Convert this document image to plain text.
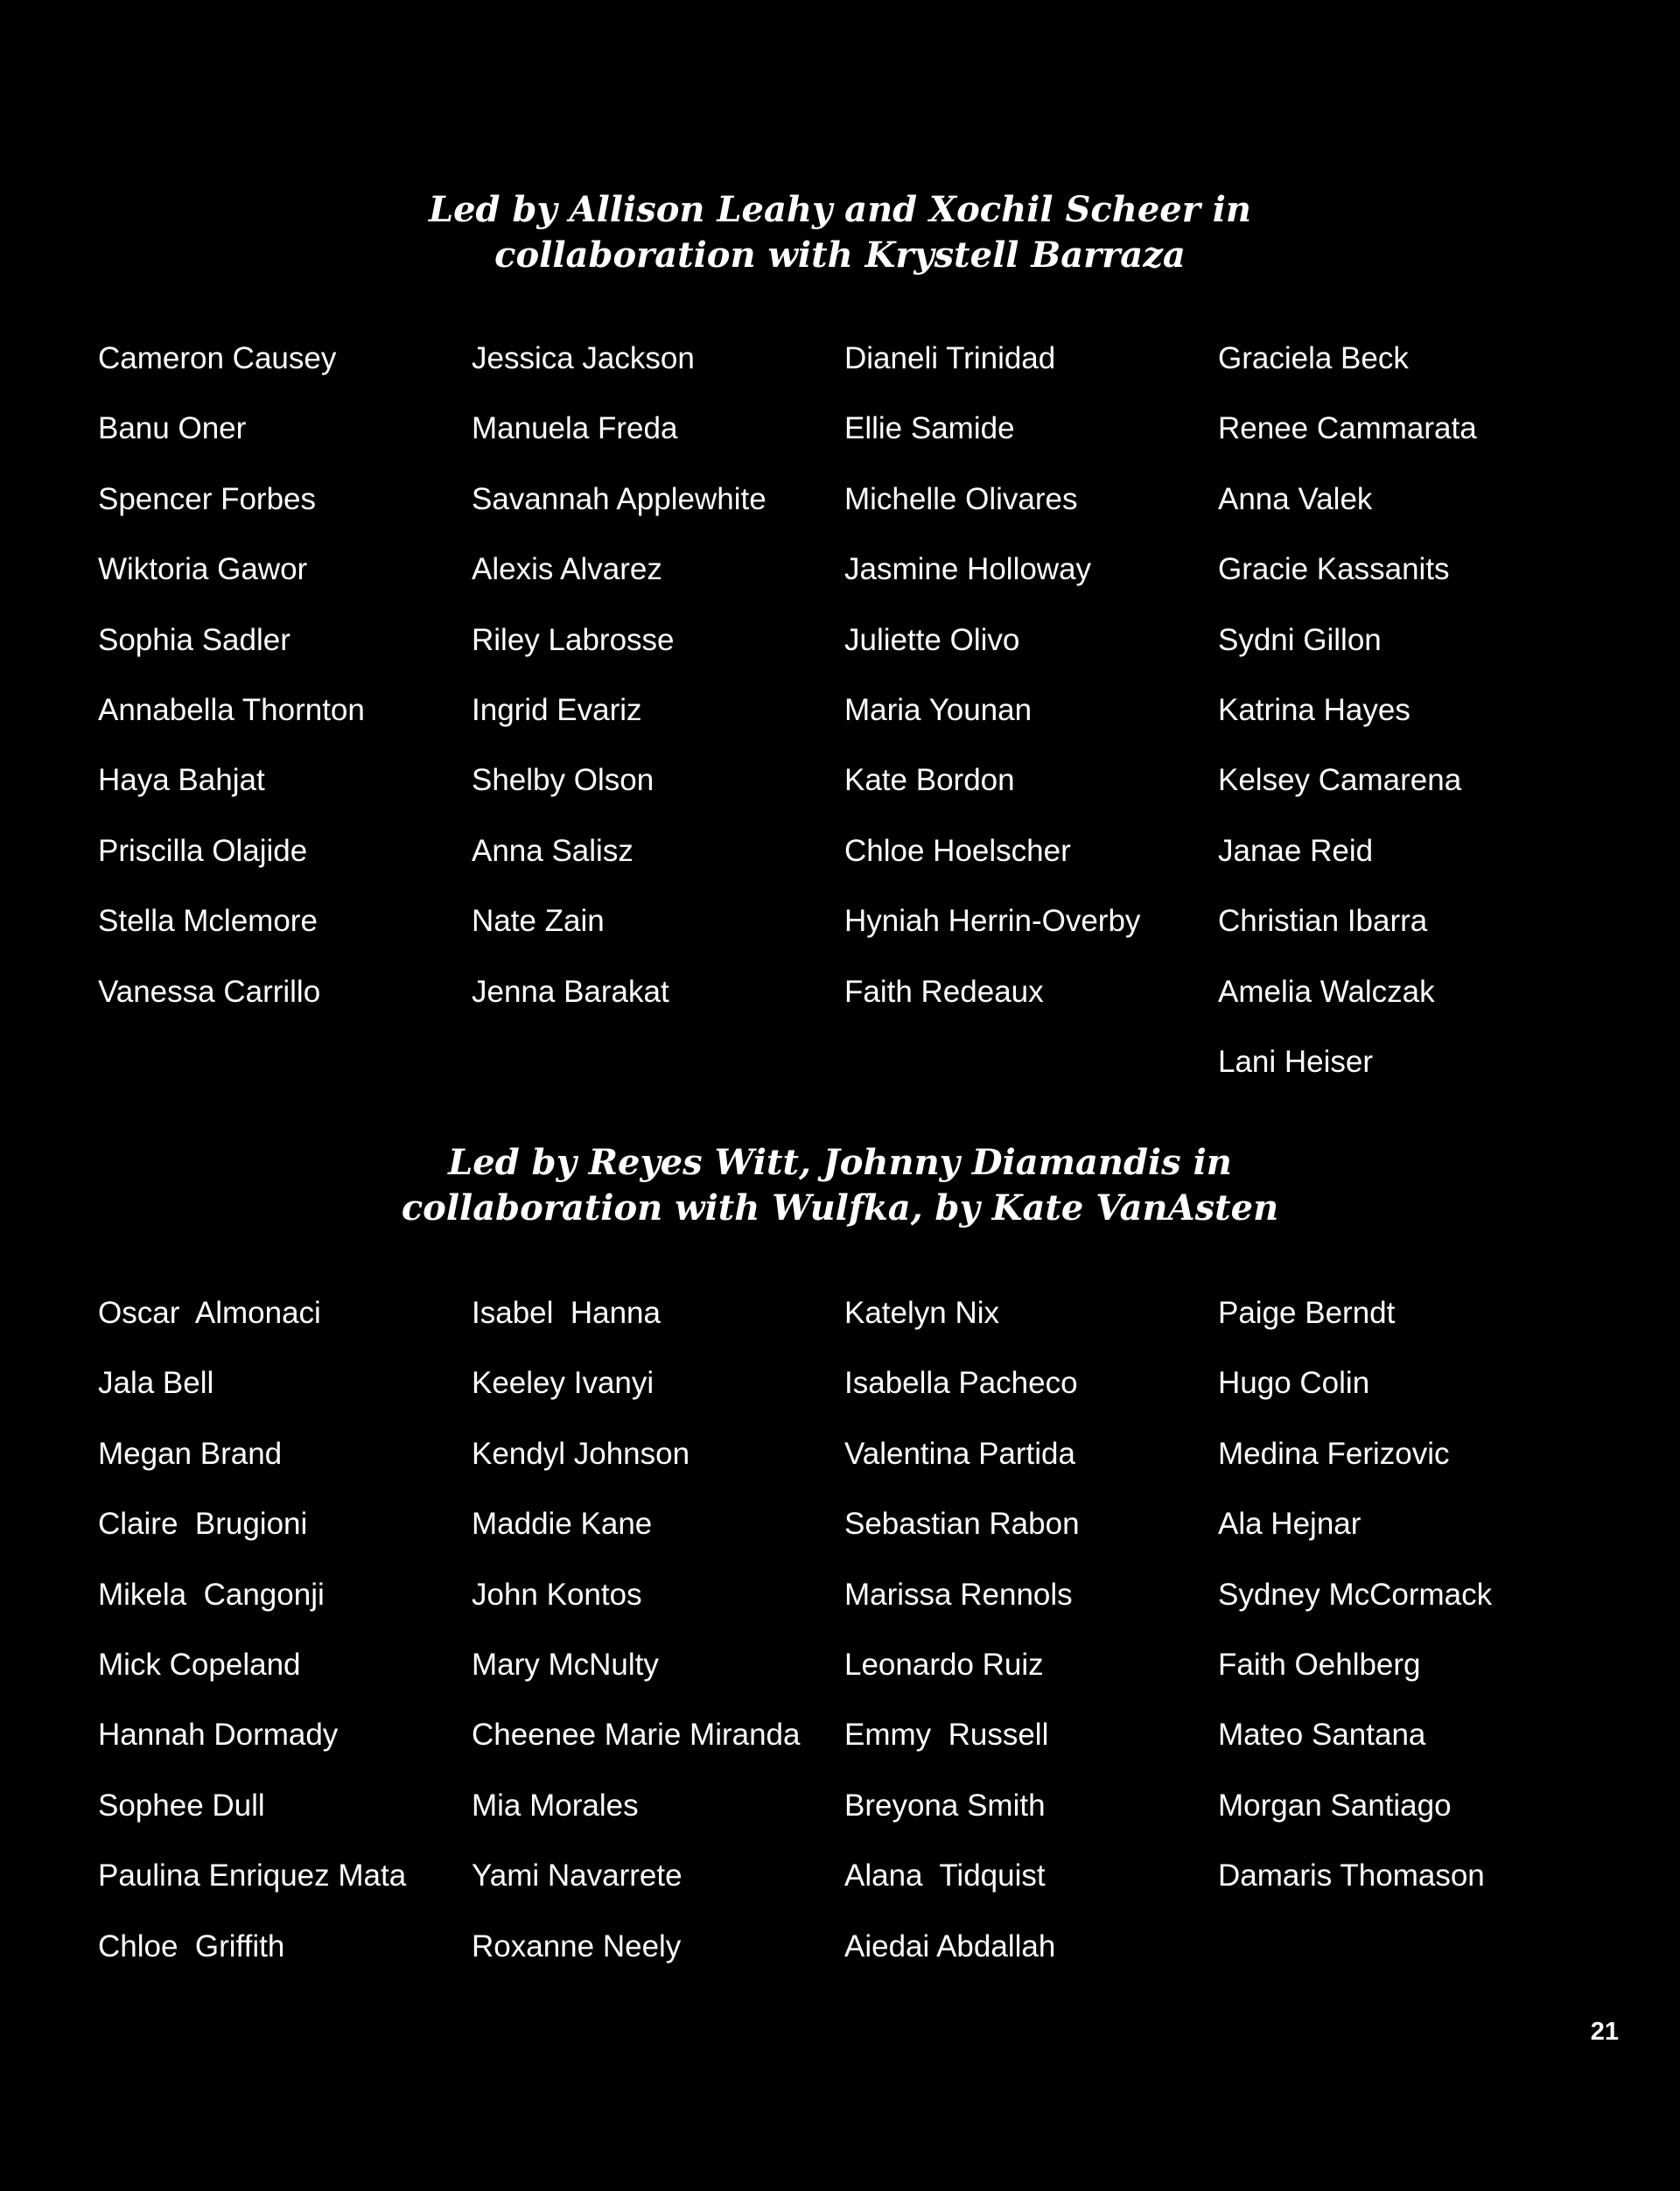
Led by Allison Leahy and Xochil Scheer in
collaboration with Krystell Barraza
Cameron Causey
Banu Oner
Spencer Forbes
Wiktoria Gawor
Sophia Sadler
Annabella Thornton
Haya Bahjat
Priscilla Olajide
Stella Mclemore
Vanessa Carrillo
Jessica Jackson
Manuela Freda
Savannah Applewhite
Alexis Alvarez
Riley Labrosse
Ingrid Evariz
Shelby Olson
Anna Salisz
Nate Zain
Jenna Barakat
Dianeli Trinidad
Ellie Samide
Michelle Olivares
Jasmine Holloway
Juliette Olivo
Maria Younan
Kate Bordon
Chloe Hoelscher
Hyniah Herrin-Overby
Faith Redeaux
Graciela Beck
Renee Cammarata
Anna Valek
Gracie Kassanits
Sydni Gillon
Katrina Hayes
Kelsey Camarena
Janae Reid
Christian Ibarra
Amelia Walczak
Lani Heiser
Led by Reyes Witt, Johnny Diamandis in
collaboration with Wulfka, by Kate VanAsten
Oscar  Almonaci
Jala Bell
Megan Brand
Claire  Brugioni
Mikela  Cangonji
Mick Copeland
Hannah Dormady
Sophee Dull
Paulina Enriquez Mata
Chloe  Griffith
Isabel  Hanna
Keeley Ivanyi
Kendyl Johnson
Maddie Kane
John Kontos
Mary McNulty
Cheenee Marie Miranda
Mia Morales
Yami Navarrete
Roxanne Neely
Katelyn Nix
Isabella Pacheco
Valentina Partida
Sebastian Rabon
Marissa Rennols
Leonardo Ruiz
Emmy  Russell
Breyona Smith
Alana  Tidquist
Aiedai Abdallah
Paige Berndt
Hugo Colin
Medina Ferizovic
Ala Hejnar
Sydney McCormack
Faith Oehlberg
Mateo Santana
Morgan Santiago
Damaris Thomason
21
